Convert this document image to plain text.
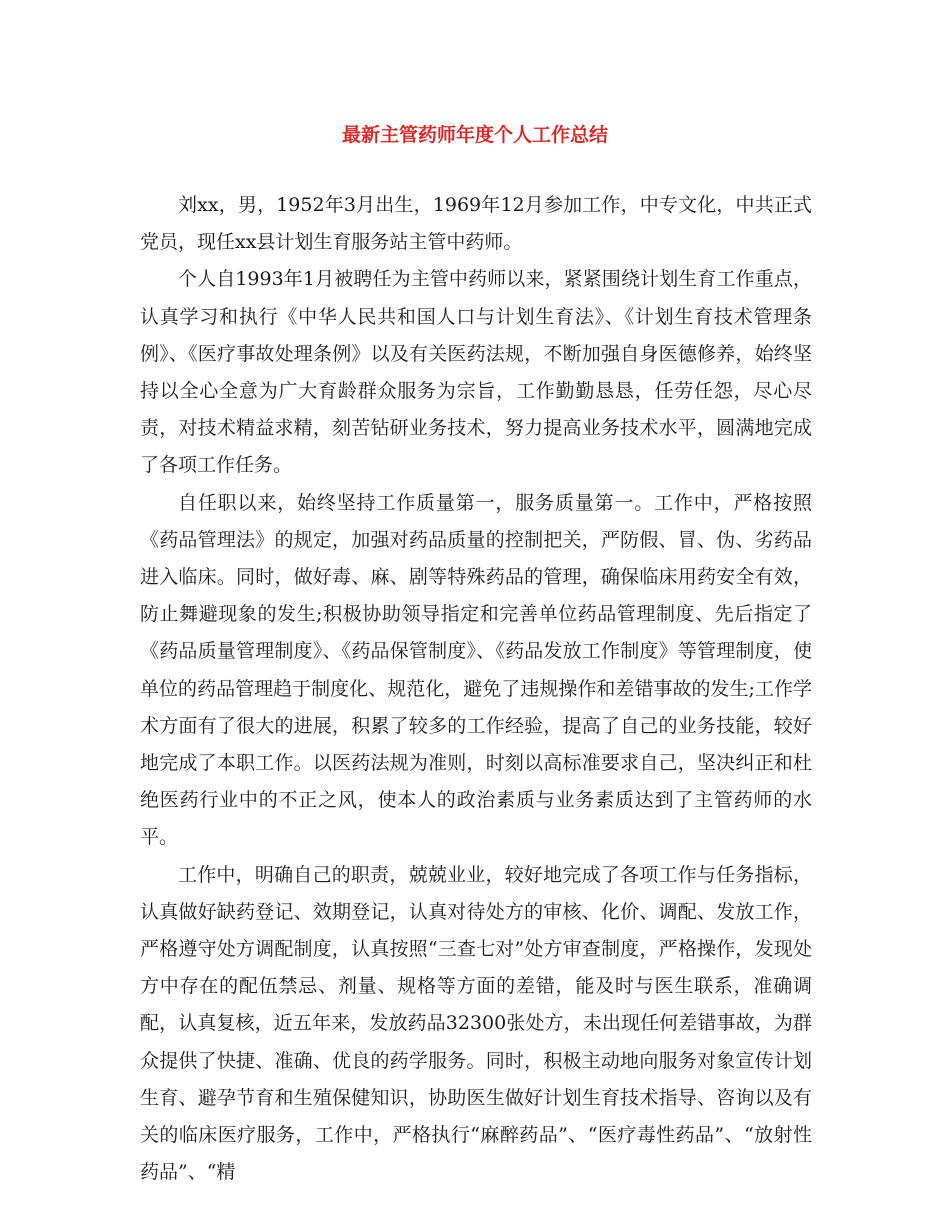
最新主管药师年度个人工作总结

刘xx，男，1952年3月出生，1969年12月参加工作，中专文化，中共正式党员，现任xx县计划生育服务站主管中药师。

个人自1993年1月被聘任为主管中药师以来，紧紧围绕计划生育工作重点，认真学习和执行《中华人民共和国人口与计划生育法》、《计划生育技术管理条例》、《医疗事故处理条例》以及有关医药法规，不断加强自身医德修养，始终坚持以全心全意为广大育龄群众服务为宗旨，工作勤勤恳恳，任劳任怨，尽心尽责，对技术精益求精，刻苦钻研业务技术，努力提高业务技术水平，圆满地完成了各项工作任务。

自任职以来，始终坚持工作质量第一，服务质量第一。工作中，严格按照《药品管理法》的规定，加强对药品质量的控制把关，严防假、冒、伪、劣药品进入临床。同时，做好毒、麻、剧等特殊药品的管理，确保临床用药安全有效，防止舞避现象的发生;积极协助领导指定和完善单位药品管理制度、先后指定了《药品质量管理制度》、《药品保管制度》、《药品发放工作制度》等管理制度，使单位的药品管理趋于制度化、规范化，避免了违规操作和差错事故的发生;工作学术方面有了很大的进展，积累了较多的工作经验，提高了自己的业务技能，较好地完成了本职工作。以医药法规为准则，时刻以高标准要求自己，坚决纠正和杜绝医药行业中的不正之风，使本人的政治素质与业务素质达到了主管药师的水平。

工作中，明确自己的职责，兢兢业业，较好地完成了各项工作与任务指标，认真做好缺药登记、效期登记，认真对待处方的审核、化价、调配、发放工作，严格遵守处方调配制度，认真按照“三查七对”处方审查制度，严格操作，发现处方中存在的配伍禁忌、剂量、规格等方面的差错，能及时与医生联系，准确调配，认真复核，近五年来，发放药品32300张处方，未出现任何差错事故，为群众提供了快捷、准确、优良的药学服务。同时，积极主动地向服务对象宣传计划生育、避孕节育和生殖保健知识，协助医生做好计划生育技术指导、咨询以及有关的临床医疗服务，工作中，严格执行“麻醉药品”、“医疗毒性药品”、“放射性药品”、“精
